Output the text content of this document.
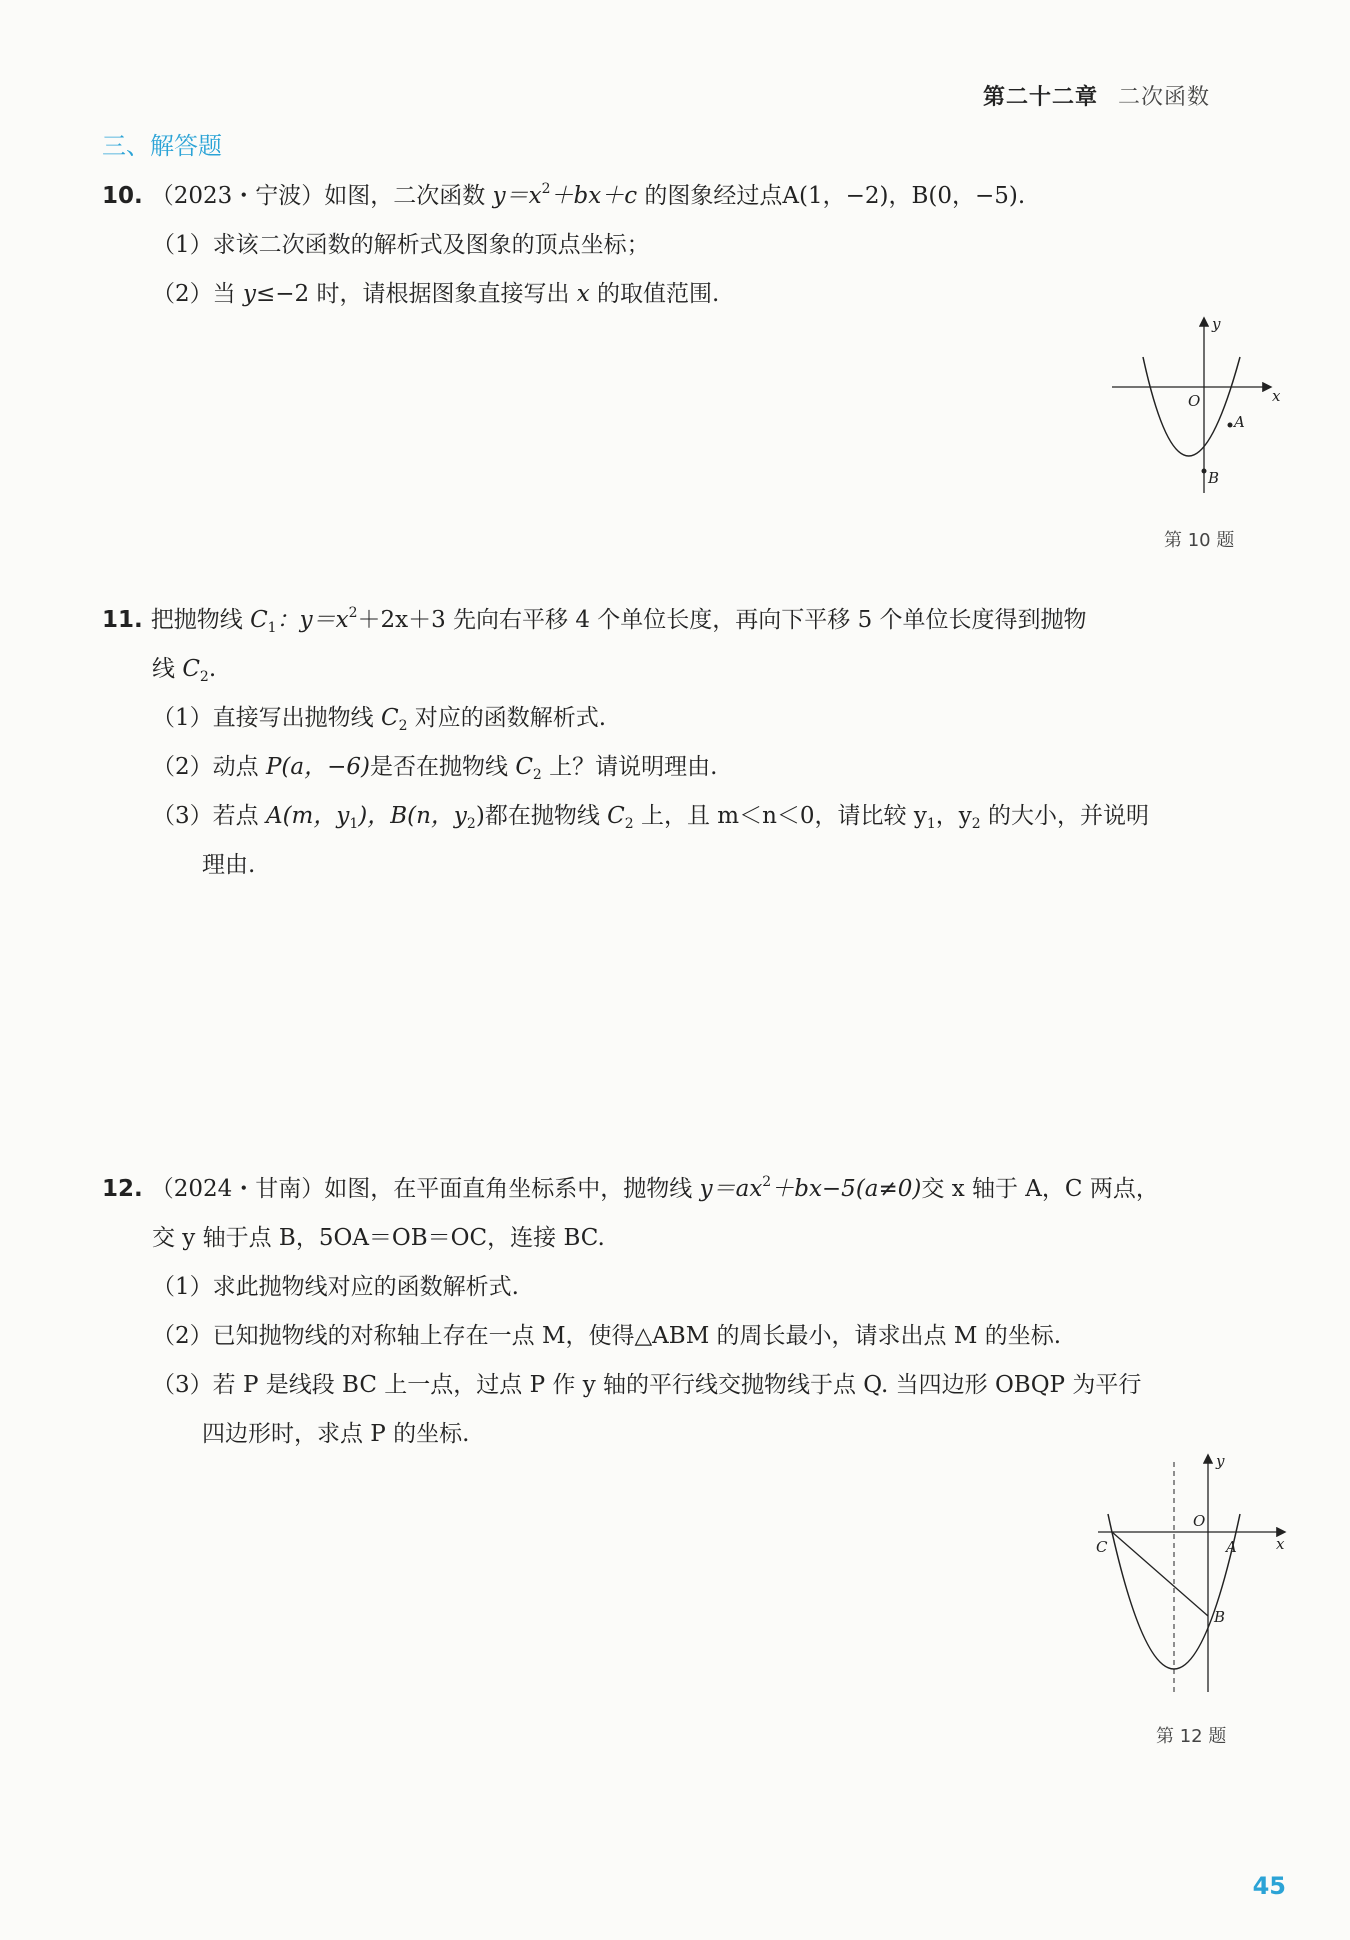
第二十二章 二次函数
三、解答题
10. （2023・宁波）如图，二次函数 $y=x^2+bx+c$ 的图象经过点A(1，−2)，B(0，−5).
（1）求该二次函数的解析式及图象的顶点坐标；
（2）当 y≤−2 时，请根据图象直接写出 x 的取值范围.
x
y
O
A
B
第 10 题
11. 把抛物线 $C_1$：$y=x^2+2x+3$ 先向右平移 4 个单位长度，再向下平移 5 个单位长度得到抛物
线 $C_2$.
（1）直接写出抛物线 $C_2$ 对应的函数解析式.
（2）动点 P(a，−6)是否在抛物线 $C_2$ 上？请说明理由.
（3）若点 A(m，$y_1$)，B(n，$y_2$)都在抛物线 $C_2$ 上，且 m＜n＜0，请比较 $y_1$，$y_2$ 的大小，并说明
理由.
12. （2024・甘南）如图，在平面直角坐标系中，抛物线 $y=ax^2+bx-5(a\ne 0)$交 x 轴于 A，C 两点，
交 y 轴于点 B，5OA＝OB＝OC，连接 BC.
（1）求此抛物线对应的函数解析式.
（2）已知抛物线的对称轴上存在一点 M，使得△ABM 的周长最小，请求出点 M 的坐标.
（3）若 P 是线段 BC 上一点，过点 P 作 y 轴的平行线交抛物线于点 Q. 当四边形 OBQP 为平行
四边形时，求点 P 的坐标.
x
y
O
A
B
C
第 12 题
45
